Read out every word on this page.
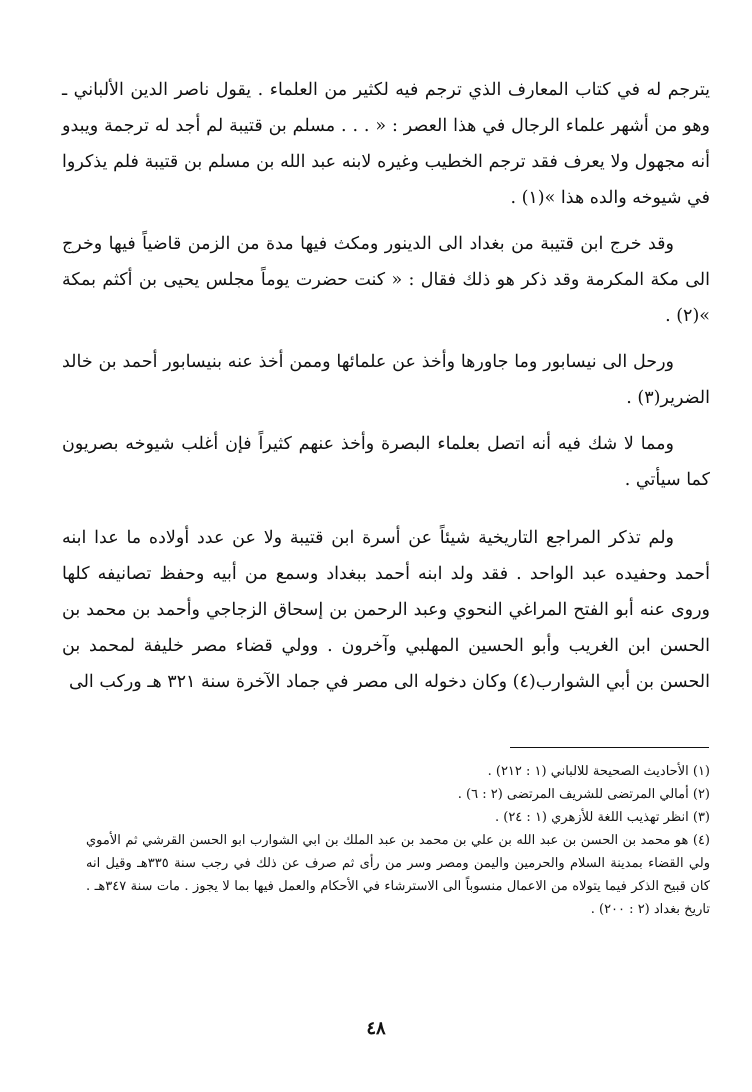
يترجم له في كتاب المعارف الذي ترجم فيه لكثير من العلماء . يقول ناصر الدين الألباني ـ وهو من أشهر علماء الرجال في هذا العصر : « . . . مسلم بن قتيبة لم أجد له ترجمة ويبدو أنه مجهول ولا يعرف فقد ترجم الخطيب وغيره لابنه عبد الله بن مسلم بن قتيبة فلم يذكروا في شيوخه والده هذا »(١) .

وقد خرج ابن قتيبة من بغداد الى الدينور ومكث فيها مدة من الزمن قاضياً فيها وخرج الى مكة المكرمة وقد ذكر هو ذلك فقال : « كنت حضرت يوماً مجلس يحيى بن أكثم بمكة »(٢) .

ورحل الى نيسابور وما جاورها وأخذ عن علمائها وممن أخذ عنه بنيسابور أحمد بن خالد الضرير(٣) .

ومما لا شك فيه أنه اتصل بعلماء البصرة وأخذ عنهم كثيراً فإن أغلب شيوخه بصريون كما سيأتي .

ولم تذكر المراجع التاريخية شيئاً عن أسرة ابن قتيبة ولا عن عدد أولاده ما عدا ابنه أحمد وحفيده عبد الواحد . فقد ولد ابنه أحمد ببغداد وسمع من أبيه وحفظ تصانيفه كلها وروى عنه أبو الفتح المراغي النحوي وعبد الرحمن بن إسحاق الزجاجي وأحمد بن محمد بن الحسن ابن الغريب وأبو الحسين المهلبي وآخرون . وولي قضاء مصر خليفة لمحمد بن الحسن بن أبي الشوارب(٤) وكان دخوله الى مصر في جماد الآخرة سنة ٣٢١ هـ وركب الى

(١) الأحاديث الصحيحة للالباني (١ : ٢١٢) .

(٢) أمالي المرتضى للشريف المرتضى (٢ : ٦) .

(٣) انظر تهذيب اللغة للأزهري (١ : ٢٤) .

(٤) هو محمد بن الحسن بن عبد الله بن علي بن محمد بن عبد الملك بن ابي الشوارب ابو الحسن القرشي ثم الأموي ولي القضاء بمدينة السلام والحرمين واليمن ومصر وسر من رأى ثم صرف عن ذلك في رجب سنة ٣٣٥هـ وقيل انه كان قبيح الذكر فيما يتولاه من الاعمال منسوباً الى الاسترشاء في الأحكام والعمل فيها بما لا يجوز . مات سنة ٣٤٧هـ . تاريخ بغداد (٢ : ٢٠٠) .

٤٨
